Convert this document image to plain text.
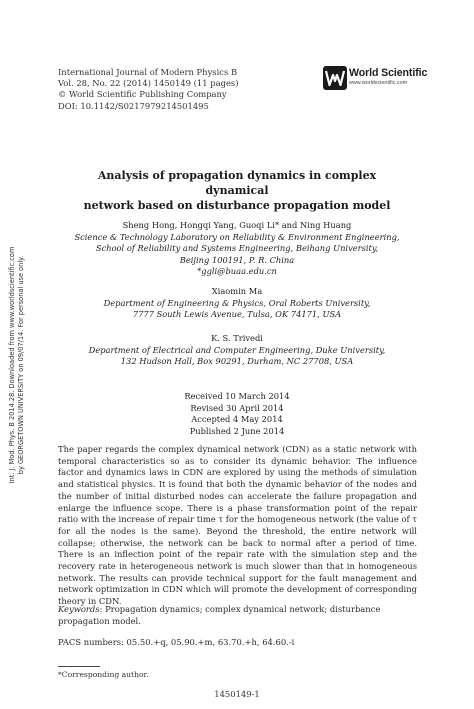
International Journal of Modern Physics B
Vol. 28, No. 22 (2014) 1450149 (11 pages)
© World Scientific Publishing Company
DOI: 10.1142/S0217979214501495
World Scientific
www.worldscientific.com
Analysis of propagation dynamics in complex dynamical
network based on disturbance propagation model
Sheng Hong, Hongqi Yang, Guoqi Li* and Ning Huang
Science & Technology Laboratory on Reliability & Environment Engineering,
School of Reliability and Systems Engineering, Beihang University,
Beijing 100191, P. R. China
*ggli@buaa.edu.cn
Xiaomin Ma
Department of Engineering & Physics, Oral Roberts University,
7777 South Lewis Avenue, Tulsa, OK 74171, USA
K. S. Trivedi
Department of Electrical and Computer Engineering, Duke University,
132 Hudson Hall, Box 90291, Durham, NC 27708, USA
Received 10 March 2014
Revised 30 April 2014
Accepted 4 May 2014
Published 2 June 2014
The paper regards the complex dynamical network (CDN) as a static network with temporal characteristics so as to consider its dynamic behavior. The influence factor and dynamics laws in CDN are explored by using the methods of simulation and statistical physics. It is found that both the dynamic behavior of the nodes and the number of initial disturbed nodes can accelerate the failure propagation and enlarge the influence scope. There is a phase transformation point of the repair ratio with the increase of repair time τ for the homogeneous network (the value of τ for all the nodes is the same). Beyond the threshold, the entire network will collapse; otherwise, the network can be back to normal after a period of time. There is an inflection point of the repair rate with the simulation step and the recovery rate in heterogeneous network is much slower than that in homogeneous network. The results can provide technical support for the fault management and network optimization in CDN which will promote the development of corresponding theory in CDN.
Keywords: Propagation dynamics; complex dynamical network; disturbance propagation model.
PACS numbers: 05.50.+q, 05.90.+m, 63.70.+h, 64.60.-i
*Corresponding author.
1450149-1
Int. J. Mod. Phys. B 2014.28. Downloaded from www.worldscientific.com by GEORGETOWN UNIVERSITY on 09/07/14. For personal use only.
